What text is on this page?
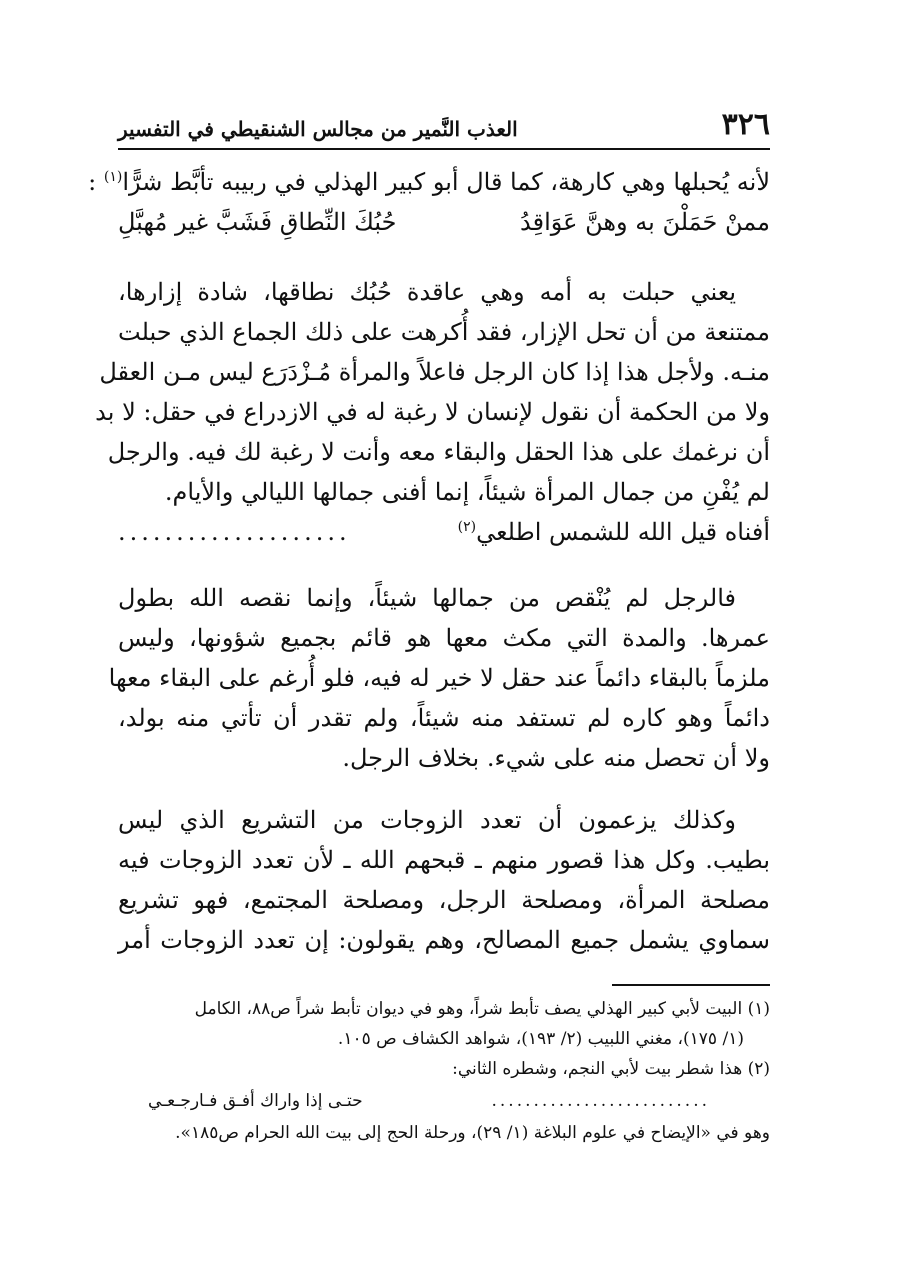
٣٢٦
العذب النَّمير من مجالس الشنقيطي في التفسير
لأنه يُحبلها وهي كارهة، كما قال أبو كبير الهذلي في ربيبه تأبَّط شرًّا$^{(١)}$ :
ممنْ حَمَلْنَ به وهنَّ عَوَاقِدُ
حُبُكَ النِّطاقِ فَشَبَّ غير مُهبَّلِ
يعني حبلت به أمه وهي عاقدة حُبُك نطاقها، شادة إزارها،
ممتنعة من أن تحل الإزار، فقد أُكرهت على ذلك الجماع الذي حبلت
منـه. ولأجل هذا إذا كان الرجل فاعلاً والمرأة مُـزْدَرَع ليس مـن العقل
ولا من الحكمة أن نقول لإنسان لا رغبة له في الازدراع في حقل: لا بد
أن نرغمك على هذا الحقل والبقاء معه وأنت لا رغبة لك فيه. والرجل
لم يُفْنِ من جمال المرأة شيئاً، إنما أفنى جمالها الليالي والأيام.
أفناه قيل الله للشمس اطلعي$^{(٢)}$
....................
فالرجل لم يُنْقص من جمالها شيئاً، وإنما نقصه الله بطول
عمرها. والمدة التي مكث معها هو قائم بجميع شؤونها، وليس
ملزماً بالبقاء دائماً عند حقل لا خير له فيه، فلو أُرغم على البقاء معها
دائماً وهو كاره لم تستفد منه شيئاً، ولم تقدر أن تأتي منه بولد،
ولا أن تحصل منه على شيء. بخلاف الرجل.
وكذلك يزعمون أن تعدد الزوجات من التشريع الذي ليس
بطيب. وكل هذا قصور منهم ـ قبحهم الله ـ لأن تعدد الزوجات فيه
مصلحة المرأة، ومصلحة الرجل، ومصلحة المجتمع، فهو تشريع
سماوي يشمل جميع المصالح، وهم يقولون: إن تعدد الزوجات أمر
(١) البيت لأبي كبير الهذلي يصف تأبط شراً، وهو في ديوان تأبط شراً ص٨٨، الكامل
(١/ ١٧٥)، مغني اللبيب (٢/ ١٩٣)، شواهد الكشاف ص ١٠٥.
(٢) هذا شطر بيت لأبي النجم، وشطره الثاني:
..........................
حتـى إذا واراك أفـق فـارجـعـي
وهو في «الإيضاح في علوم البلاغة (١/ ٢٩)، ورحلة الحج إلى بيت الله الحرام ص١٨٥».
